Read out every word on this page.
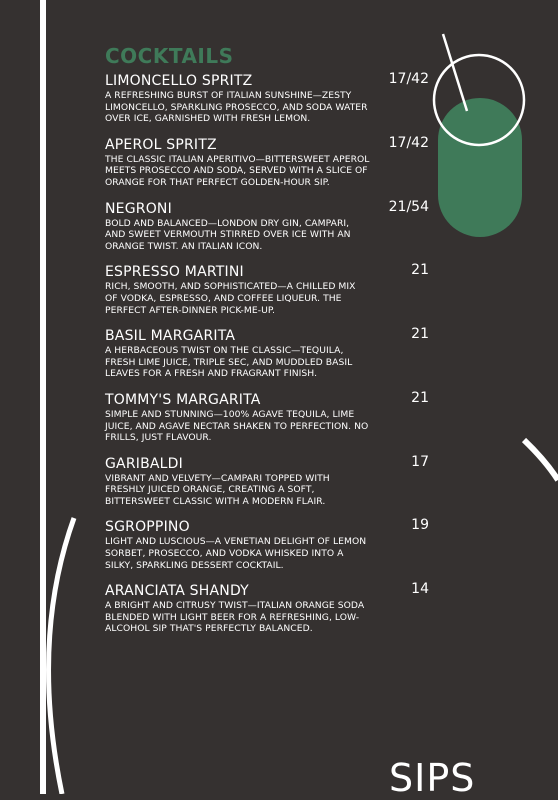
COCKTAILS
LIMONCELLO SPRITZ	17/42
A REFRESHING BURST OF ITALIAN SUNSHINE—ZESTY LIMONCELLO, SPARKLING PROSECCO, AND SODA WATER OVER ICE, GARNISHED WITH FRESH LEMON.
APEROL SPRITZ	17/42
THE CLASSIC ITALIAN APERITIVO—BITTERSWEET APEROL MEETS PROSECCO AND SODA, SERVED WITH A SLICE OF ORANGE FOR THAT PERFECT GOLDEN-HOUR SIP.
NEGRONI	21/54
BOLD AND BALANCED—LONDON DRY GIN, CAMPARI, AND SWEET VERMOUTH STIRRED OVER ICE WITH AN ORANGE TWIST. AN ITALIAN ICON.
ESPRESSO MARTINI	21
RICH, SMOOTH, AND SOPHISTICATED—A CHILLED MIX OF VODKA, ESPRESSO, AND COFFEE LIQUEUR. THE PERFECT AFTER-DINNER PICK-ME-UP.
BASIL MARGARITA	21
A HERBACEOUS TWIST ON THE CLASSIC—TEQUILA, FRESH LIME JUICE, TRIPLE SEC, AND MUDDLED BASIL LEAVES FOR A FRESH AND FRAGRANT FINISH.
TOMMY'S MARGARITA	21
SIMPLE AND STUNNING—100% AGAVE TEQUILA, LIME JUICE, AND AGAVE NECTAR SHAKEN TO PERFECTION. NO FRILLS, JUST FLAVOUR.
GARIBALDI	17
VIBRANT AND VELVETY—CAMPARI TOPPED WITH FRESHLY JUICED ORANGE, CREATING A SOFT, BITTERSWEET CLASSIC WITH A MODERN FLAIR.
SGROPPINO	19
LIGHT AND LUSCIOUS—A VENETIAN DELIGHT OF LEMON SORBET, PROSECCO, AND VODKA WHISKED INTO A SILKY, SPARKLING DESSERT COCKTAIL.
ARANCIATA SHANDY	14
A BRIGHT AND CITRUSY TWIST—ITALIAN ORANGE SODA BLENDED WITH LIGHT BEER FOR A REFRESHING, LOW-ALCOHOL SIP THAT'S PERFECTLY BALANCED.
SIPS
